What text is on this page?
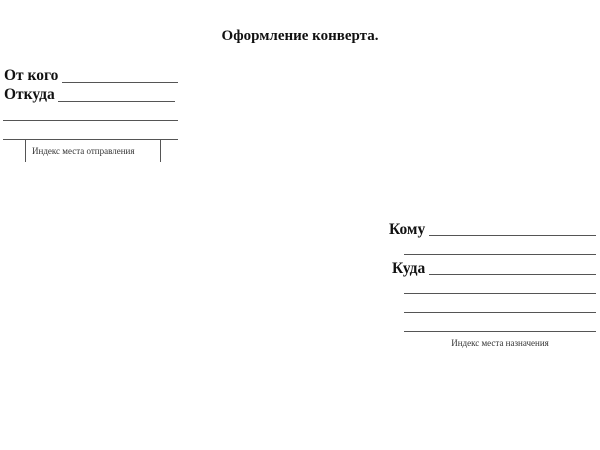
Оформление конверта.
От кого
Откуда
Индекс места отправления
Кому
Куда
Индекс места назначения
